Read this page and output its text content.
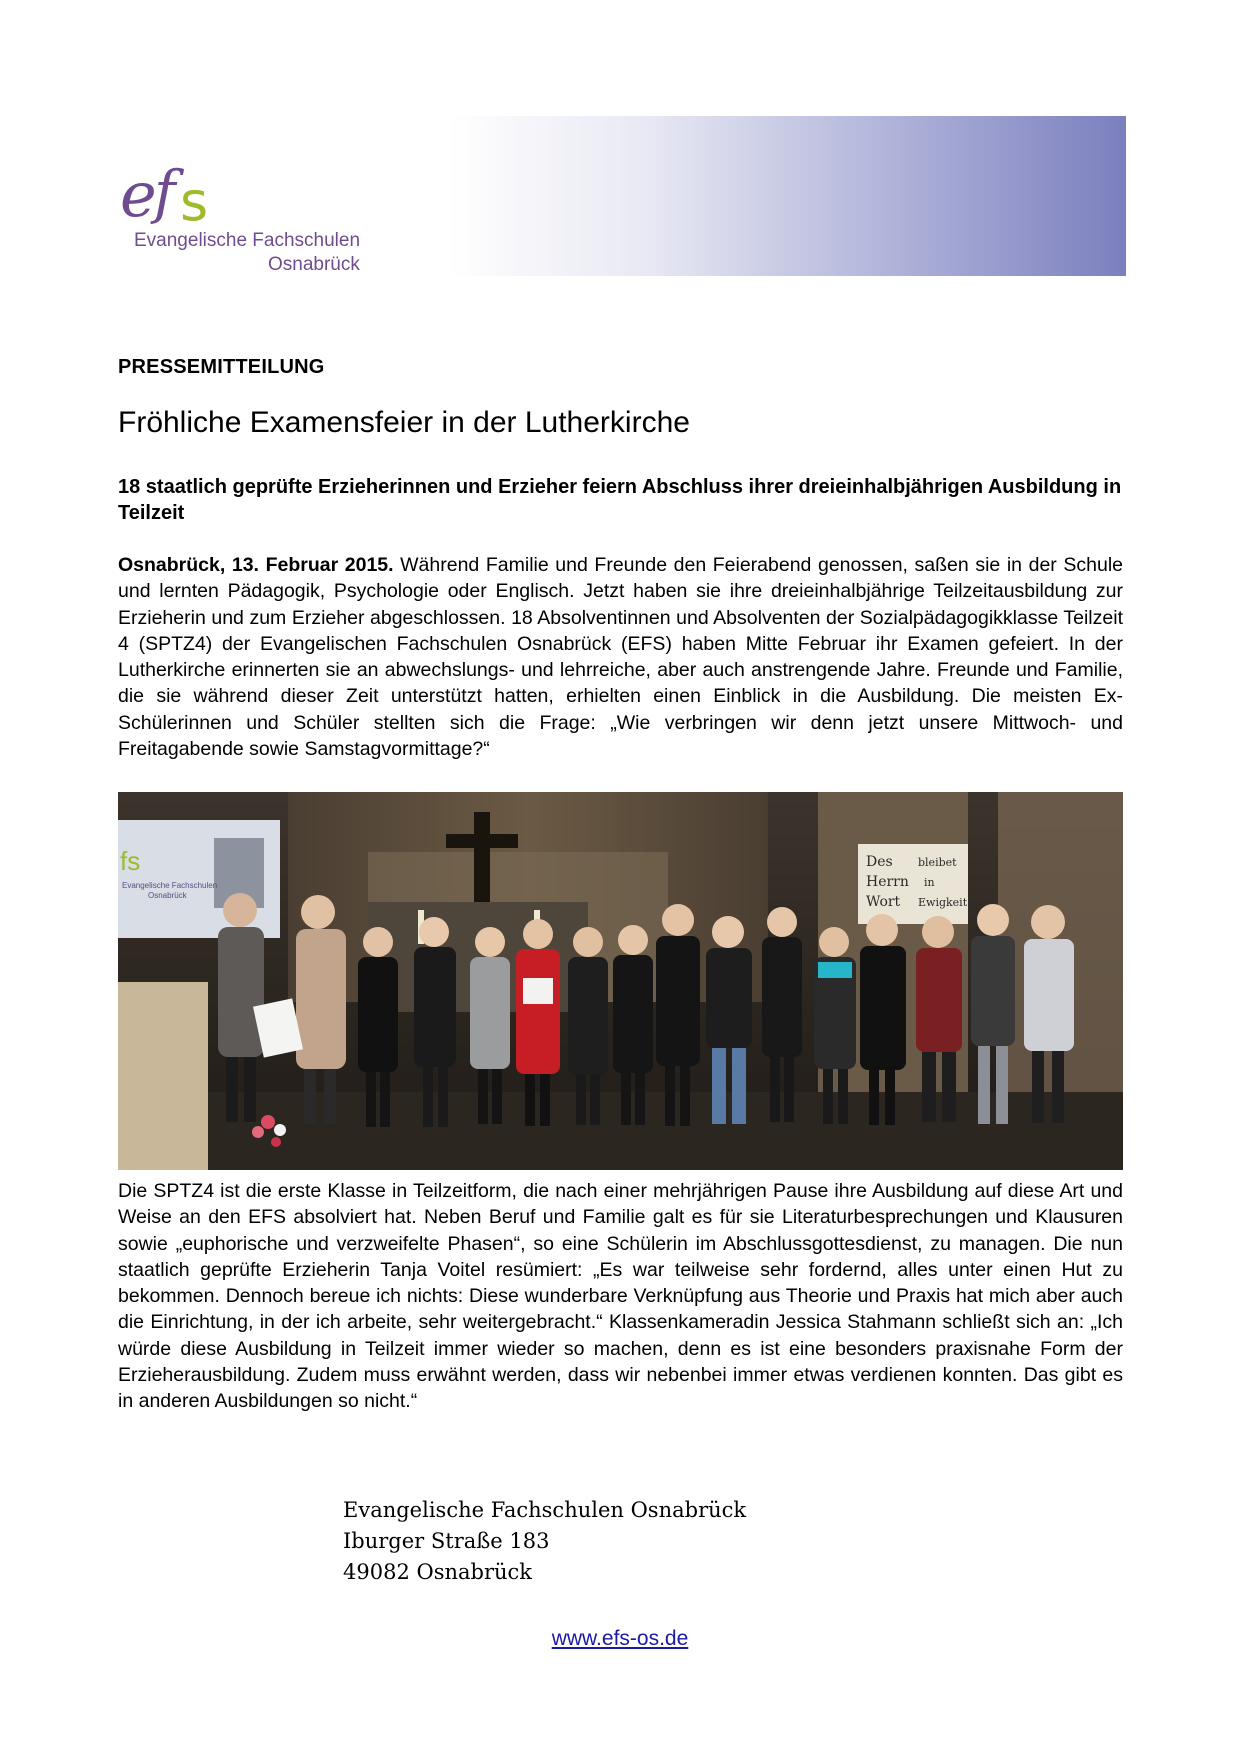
e
f s
Evangelische Fachschulen
Osnabrück
PRESSEMITTEILUNG
Fröhliche Examensfeier in der Lutherkirche
18 staatlich geprüfte Erzieherinnen und Erzieher feiern Abschluss ihrer dreieinhalbjährigen Ausbildung in Teilzeit
Osnabrück, 13. Februar 2015. Während Familie und Freunde den Feierabend genossen, saßen sie in der Schule und lernten Pädagogik, Psychologie oder Englisch. Jetzt haben sie ihre dreieinhalbjährige Teilzeitausbildung zur Erzieherin und zum Erzieher abgeschlossen. 18 Absolventinnen und Absolventen der Sozialpädagogikklasse Teilzeit 4 (SPTZ4) der Evangelischen Fachschulen Osnabrück (EFS) haben Mitte Februar ihr Examen gefeiert. In der Lutherkirche erinnerten sie an abwechslungs- und lehrreiche, aber auch anstrengende Jahre. Freunde und Familie, die sie während dieser Zeit unterstützt hatten, erhielten einen Einblick in die Ausbildung. Die meisten Ex-Schülerinnen und Schüler stellten sich die Frage: „Wie verbringen wir denn jetzt unsere Mittwoch- und Freitagabende sowie Samstagvormittage?“
fs
Evangelische Fachschulen
Osnabrück
Des
Herrn
Wort
bleibet
in
Ewigkeit
Die SPTZ4 ist die erste Klasse in Teilzeitform, die nach einer mehrjährigen Pause ihre Ausbildung auf diese Art und Weise an den EFS absolviert hat. Neben Beruf und Familie galt es für sie Literaturbesprechungen und Klausuren sowie „euphorische und verzweifelte Phasen“, so eine Schülerin im Abschlussgottesdienst, zu managen. Die nun staatlich geprüfte Erzieherin Tanja Voitel resümiert: „Es war teilweise sehr fordernd, alles unter einen Hut zu bekommen. Dennoch bereue ich nichts: Diese wunderbare Verknüpfung aus Theorie und Praxis hat mich aber auch die Einrichtung, in der ich arbeite, sehr weitergebracht.“ Klassenkameradin Jessica Stahmann schließt sich an: „Ich würde diese Ausbildung in Teilzeit immer wieder so machen, denn es ist eine besonders praxisnahe Form der Erzieherausbildung. Zudem muss erwähnt werden, dass wir nebenbei immer etwas verdienen konnten. Das gibt es in anderen Ausbildungen so nicht.“
Evangelische Fachschulen Osnabrück
Iburger Straße 183
49082 Osnabrück
www.efs-os.de
